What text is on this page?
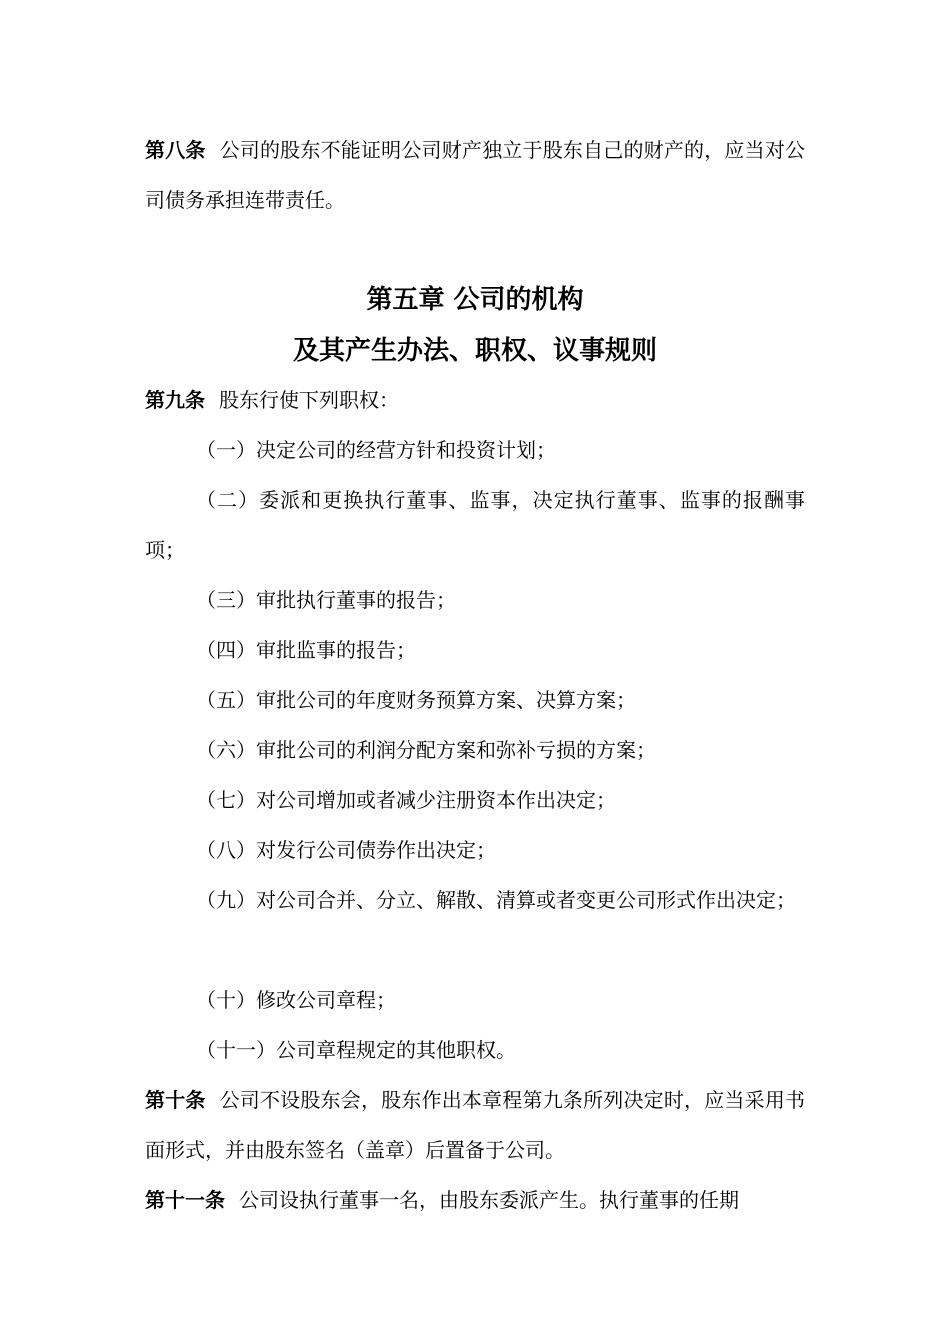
第八条 公司的股东不能证明公司财产独立于股东自己的财产的，应当对公司债务承担连带责任。

第五章 公司的机构
及其产生办法、职权、议事规则

第九条 股东行使下列职权：

（一）决定公司的经营方针和投资计划；

（二）委派和更换执行董事、监事，决定执行董事、监事的报酬事项；

（三）审批执行董事的报告；

（四）审批监事的报告；

（五）审批公司的年度财务预算方案、决算方案；

（六）审批公司的利润分配方案和弥补亏损的方案；

（七）对公司增加或者减少注册资本作出决定；

（八）对发行公司债券作出决定；

（九）对公司合并、分立、解散、清算或者变更公司形式作出决定；

（十）修改公司章程；

（十一）公司章程规定的其他职权。

第十条 公司不设股东会，股东作出本章程第九条所列决定时，应当采用书面形式，并由股东签名（盖章）后置备于公司。

第十一条 公司设执行董事一名，由股东委派产生。执行董事的任期
